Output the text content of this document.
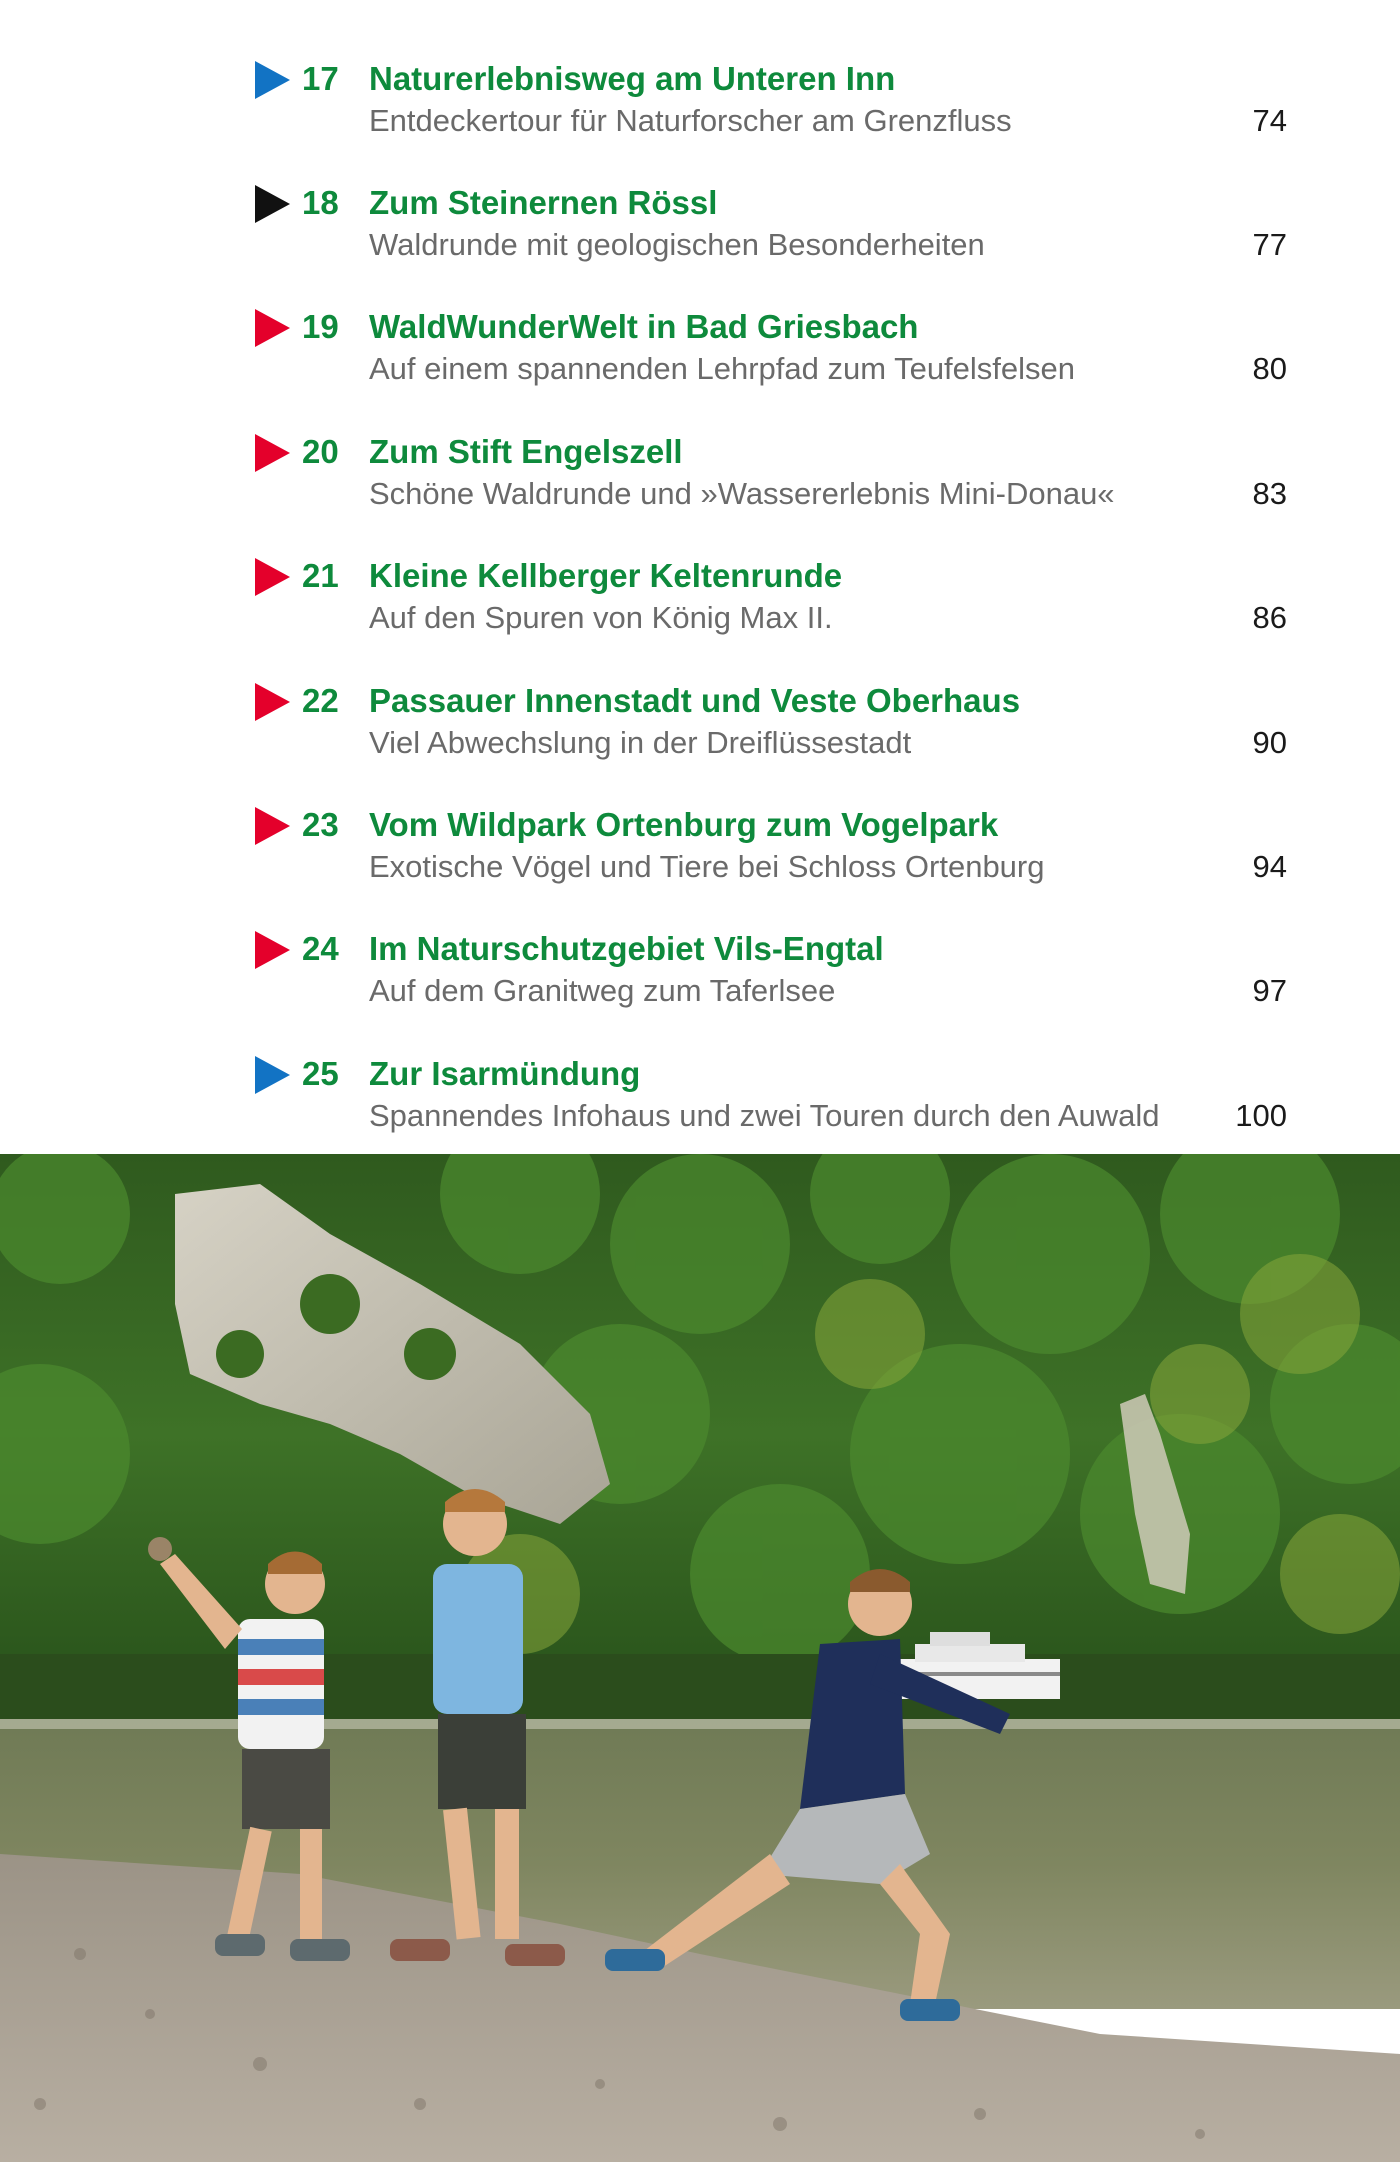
17 Naturerlebnisweg am Unteren Inn
Entdeckertour für Naturforscher am Grenzfluss	74
18 Zum Steinernen Rössl
Waldrunde mit geologischen Besonderheiten	77
19 WaldWunderWelt in Bad Griesbach
Auf einem spannenden Lehrpfad zum Teufelsfelsen	80
20 Zum Stift Engelszell
Schöne Waldrunde und »Wassererlebnis Mini-Donau«	83
21 Kleine Kellberger Keltenrunde
Auf den Spuren von König Max II.	86
22 Passauer Innenstadt und Veste Oberhaus
Viel Abwechslung in der Dreiflüssestadt	90
23 Vom Wildpark Ortenburg zum Vogelpark
Exotische Vögel und Tiere bei Schloss Ortenburg	94
24 Im Naturschutzgebiet Vils-Engtal
Auf dem Granitweg zum Taferlsee	97
25 Zur Isarmündung
Spannendes Infohaus und zwei Touren durch den Auwald 100
